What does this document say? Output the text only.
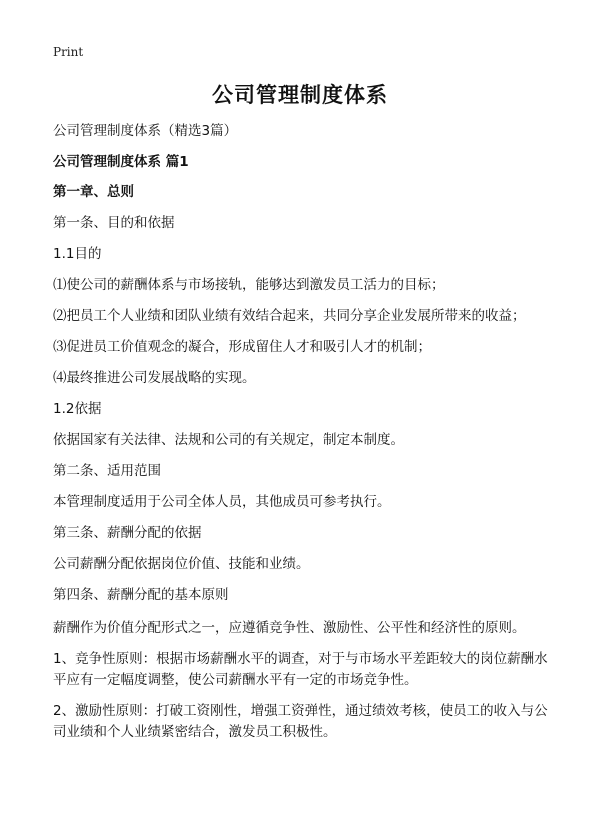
Print
公司管理制度体系

公司管理制度体系（精选3篇）

公司管理制度体系 篇1

第一章、总则

第一条、目的和依据

1.1目的

⑴使公司的薪酬体系与市场接轨，能够达到激发员工活力的目标；

⑵把员工个人业绩和团队业绩有效结合起来，共同分享企业发展所带来的收益；

⑶促进员工价值观念的凝合，形成留住人才和吸引人才的机制；

⑷最终推进公司发展战略的实现。

1.2依据

依据国家有关法律、法规和公司的有关规定，制定本制度。

第二条、适用范围

本管理制度适用于公司全体人员，其他成员可参考执行。

第三条、薪酬分配的依据

公司薪酬分配依据岗位价值、技能和业绩。

第四条、薪酬分配的基本原则

薪酬作为价值分配形式之一，应遵循竞争性、激励性、公平性和经济性的原则。

1、竞争性原则：根据市场薪酬水平的调查，对于与市场水平差距较大的岗位薪酬水平应有一定幅度调整，使公司薪酬水平有一定的市场竞争性。

2、激励性原则：打破工资刚性，增强工资弹性，通过绩效考核，使员工的收入与公司业绩和个人业绩紧密结合，激发员工积极性。
